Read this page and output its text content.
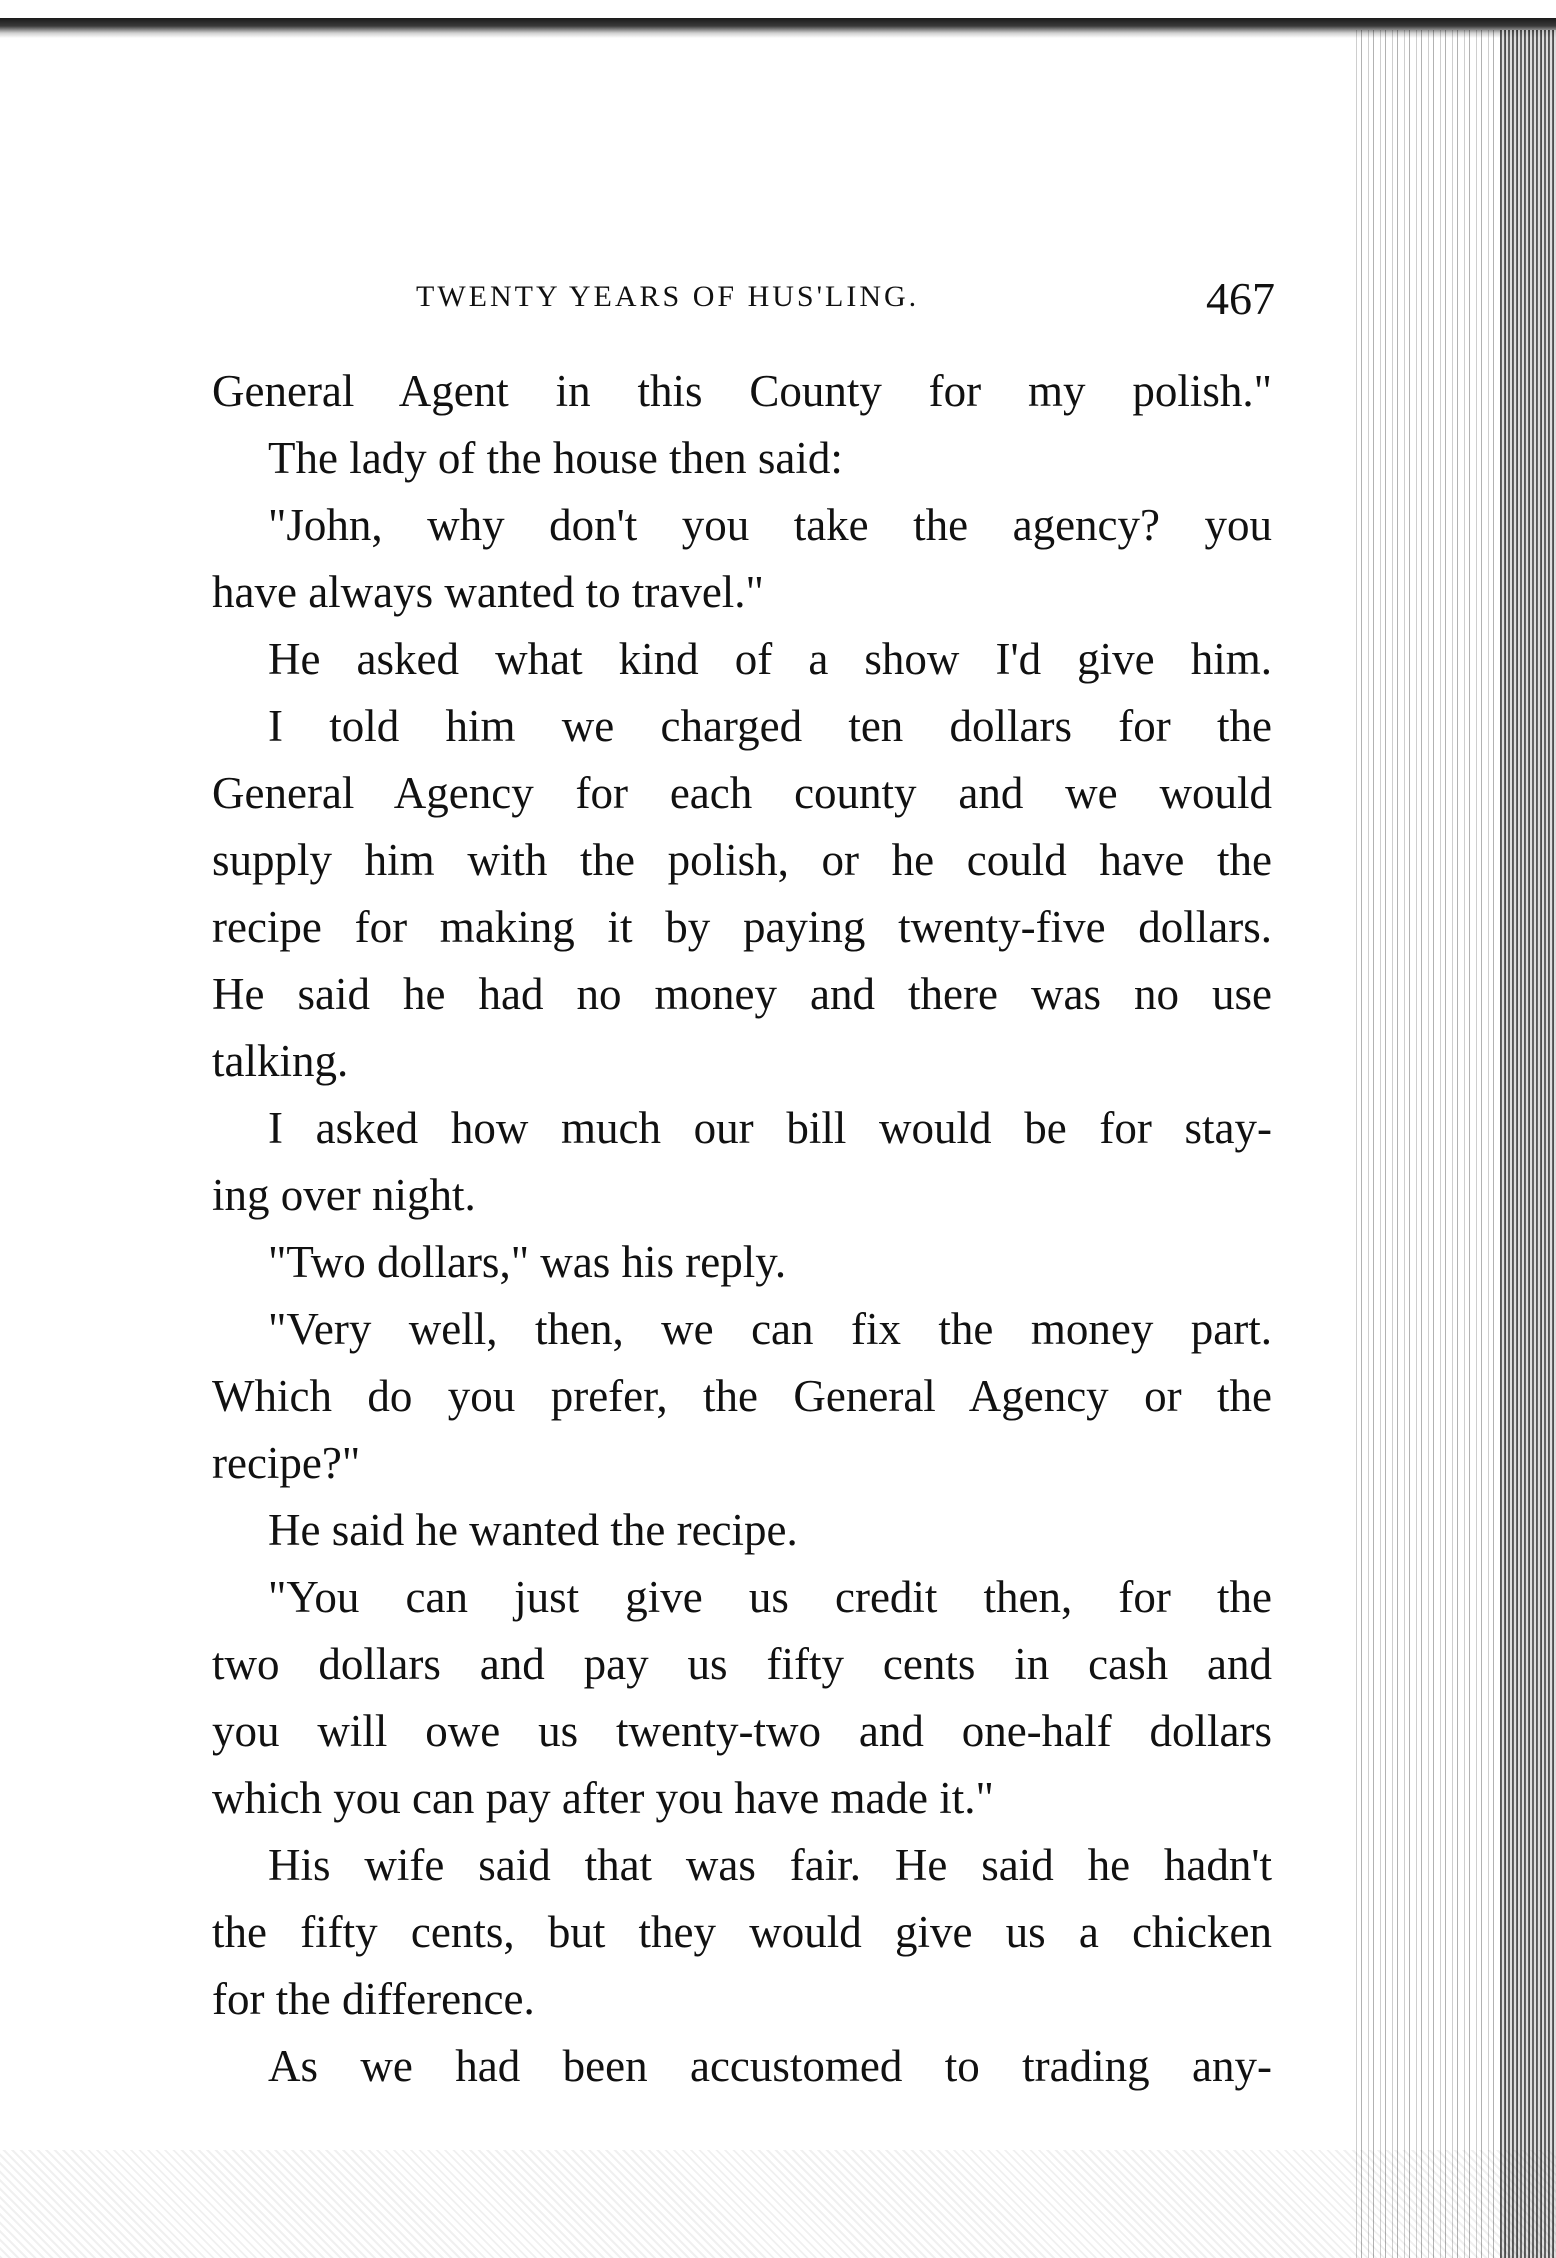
TWENTY YEARS OF HUS'LING.	467
General Agent in this County for my polish."
The lady of the house then said:
"John, why don't you take the agency? you
have always wanted to travel."
He asked what kind of a show I'd give him.
I told him we charged ten dollars for the
General Agency for each county and we would
supply him with the polish, or he could have the
recipe for making it by paying twenty-five dollars.
He said he had no money and there was no use
talking.
I asked how much our bill would be for stay-
ing over night.
"Two dollars," was his reply.
"Very well, then, we can fix the money part.
Which do you prefer, the General Agency or the
recipe?"
He said he wanted the recipe.
"You can just give us credit then, for the
two dollars and pay us fifty cents in cash and
you will owe us twenty-two and one-half dollars
which you can pay after you have made it."
His wife said that was fair. He said he hadn't
the fifty cents, but they would give us a chicken
for the difference.
As we had been accustomed to trading any-
